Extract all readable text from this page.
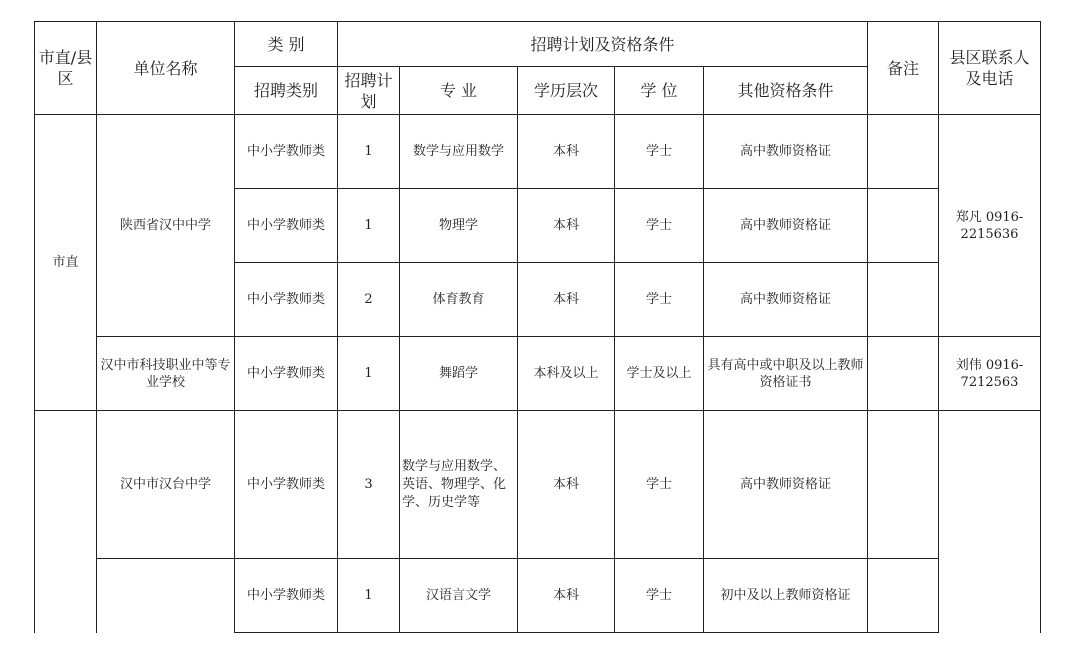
市直/县区	单位名称	类 别	招聘计划及资格条件					备注	县区联系人及电话
		招聘类别	招聘计划	专 业	学历层次	学 位	其他资格条件		
市直	陕西省汉中中学	中小学教师类	1	数学与应用数学	本科	学士	高中教师资格证		郑凡 0916-2215636
		中小学教师类	1	物理学	本科	学士	高中教师资格证		
		中小学教师类	2	体育教育	本科	学士	高中教师资格证		
	汉中市科技职业中等专业学校	中小学教师类	1	舞蹈学	本科及以上	学士及以上	具有高中或中职及以上教师资格证书		刘伟 0916-7212563
	汉中市汉台中学	中小学教师类	3	数学与应用数学、英语、物理学、化学、历史学等	本科	学士	高中教师资格证		
		中小学教师类	1	汉语言文学	本科	学士	初中及以上教师资格证		
